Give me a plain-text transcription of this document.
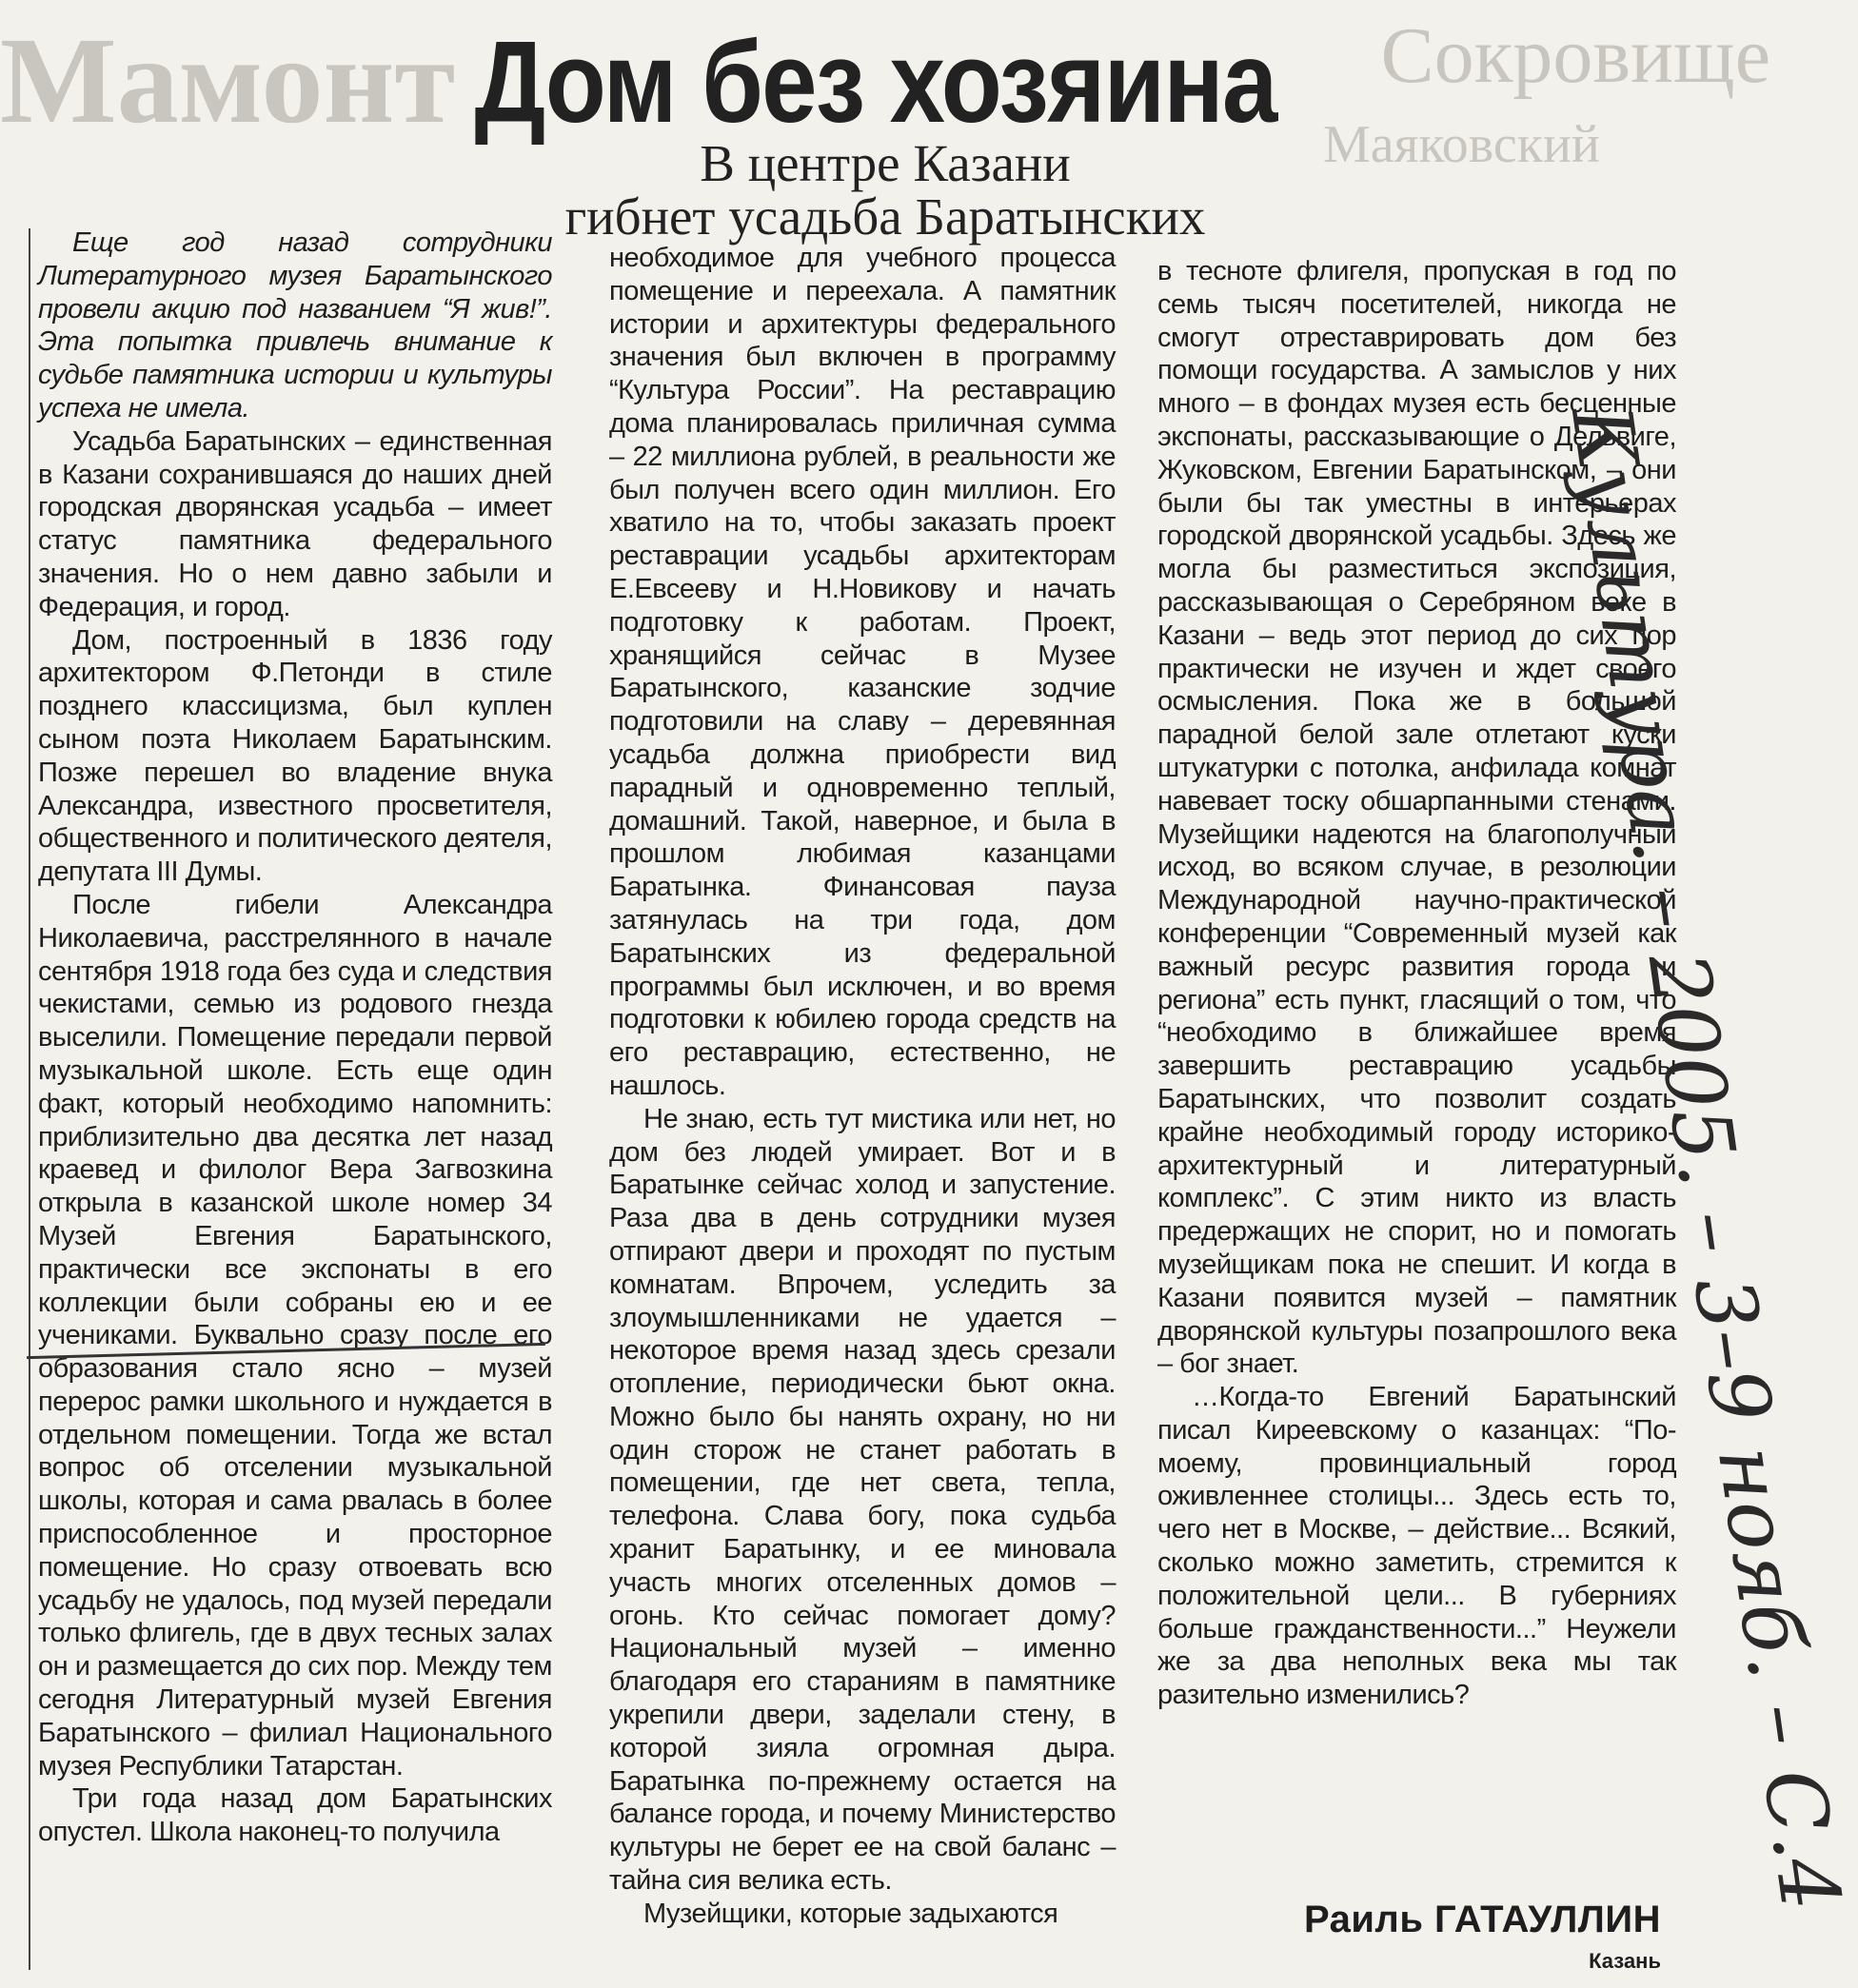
Мамонт	Сокровище
Маяковский
Дом без хозяина
В центре Казани
гибнет усадьба Баратынских

Еще год назад сотрудники Литературного музея Баратынского провели акцию под названием “Я жив!”. Эта попытка привлечь внимание к судьбе памятника истории и культуры успеха не имела.

Усадьба Баратынских – единственная в Казани сохранившаяся до наших дней городская дворянская усадьба – имеет статус памятника федерального значения. Но о нем давно забыли и Федерация, и город.

Дом, построенный в 1836 году архитектором Ф.Петонди в стиле позднего классицизма, был куплен сыном поэта Николаем Баратынским. Позже перешел во владение внука Александра, известного просветителя, общественного и политического деятеля, депутата III Думы.

После гибели Александра Николаевича, расстрелянного в начале сентября 1918 года без суда и следствия чекистами, семью из родового гнезда выселили. Помещение передали первой музыкальной школе. Есть еще один факт, который необходимо напомнить: приблизительно два десятка лет назад краевед и филолог Вера Загвозкина открыла в казанской школе номер 34 Музей Евгения Баратынского, практически все экспонаты в его коллекции были собраны ею и ее учениками. Буквально сразу после его образования стало ясно – музей перерос рамки школьного и нуждается в отдельном помещении. Тогда же встал вопрос об отселении музыкальной школы, которая и сама рвалась в более приспособленное и просторное помещение. Но сразу отвоевать всю усадьбу не удалось, под музей передали только флигель, где в двух тесных залах он и размещается до сих пор. Между тем сегодня Литературный музей Евгения Баратынского – филиал Национального музея Республики Татарстан.

Три года назад дом Баратынских опустел. Школа наконец-то получила

необходимое для учебного процесса помещение и переехала. А памятник истории и архитектуры федерального значения был включен в программу “Культура России”. На реставрацию дома планировалась приличная сумма – 22 миллиона рублей, в реальности же был получен всего один миллион. Его хватило на то, чтобы заказать проект реставрации усадьбы архитекторам Е.Евсееву и Н.Новикову и начать подготовку к работам. Проект, хранящийся сейчас в Музее Баратынского, казанские зодчие подготовили на славу – деревянная усадьба должна приобрести вид парадный и одновременно теплый, домашний. Такой, наверное, и была в прошлом любимая казанцами Баратынка. Финансовая пауза затянулась на три года, дом Баратынских из федеральной программы был исключен, и во время подготовки к юбилею города средств на его реставрацию, естественно, не нашлось.

Не знаю, есть тут мистика или нет, но дом без людей умирает. Вот и в Баратынке сейчас холод и запустение. Раза два в день сотрудники музея отпирают двери и проходят по пустым комнатам. Впрочем, уследить за злоумышленниками не удается – некоторое время назад здесь срезали отопление, периодически бьют окна. Можно было бы нанять охрану, но ни один сторож не станет работать в помещении, где нет света, тепла, телефона. Слава богу, пока судьба хранит Баратынку, и ее миновала участь многих отселенных домов – огонь. Кто сейчас помогает дому? Национальный музей – именно благодаря его стараниям в памятнике укрепили двери, заделали стену, в которой зияла огромная дыра. Баратынка по-прежнему остается на балансе города, и почему Министерство культуры не берет ее на свой баланс – тайна сия велика есть.

Музейщики, которые задыхаются

в тесноте флигеля, пропуская в год по семь тысяч посетителей, никогда не смогут отреставрировать дом без помощи государства. А замыслов у них много – в фондах музея есть бесценные экспонаты, рассказывающие о Дельвиге, Жуковском, Евгении Баратынском, – они были бы так уместны в интерьерах городской дворянской усадьбы. Здесь же могла бы разместиться экспозиция, рассказывающая о Серебряном веке в Казани – ведь этот период до сих пор практически не изучен и ждет своего осмысления. Пока же в большой парадной белой зале отлетают куски штукатурки с потолка, анфилада комнат навевает тоску обшарпанными стенами. Музейщики надеются на благополучный исход, во всяком случае, в резолюции Международной научно-практической конференции “Современный музей как важный ресурс развития города и региона” есть пункт, гласящий о том, что “необходимо в ближайшее время завершить реставрацию усадьбы Баратынских, что позволит создать крайне необходимый городу историко-архитектурный и литературный комплекс”. С этим никто из власть предержащих не спорит, но и помогать музейщикам пока не спешит. И когда в Казани появится музей – памятник дворянской культуры позапрошлого века – бог знает.

…Когда-то Евгений Баратынский писал Киреевскому о казанцах: “По-моему, провинциальный город оживленнее столицы... Здесь есть то, чего нет в Москве, – действие... Всякий, сколько можно заметить, стремится к положительной цели... В губерниях больше гражданственности...” Неужели же за два неполных века мы так разительно изменились?

Раиль ГАТАУЛЛИН
Казань
Культура. – 2005. – 3–9 нояб. – С.4
